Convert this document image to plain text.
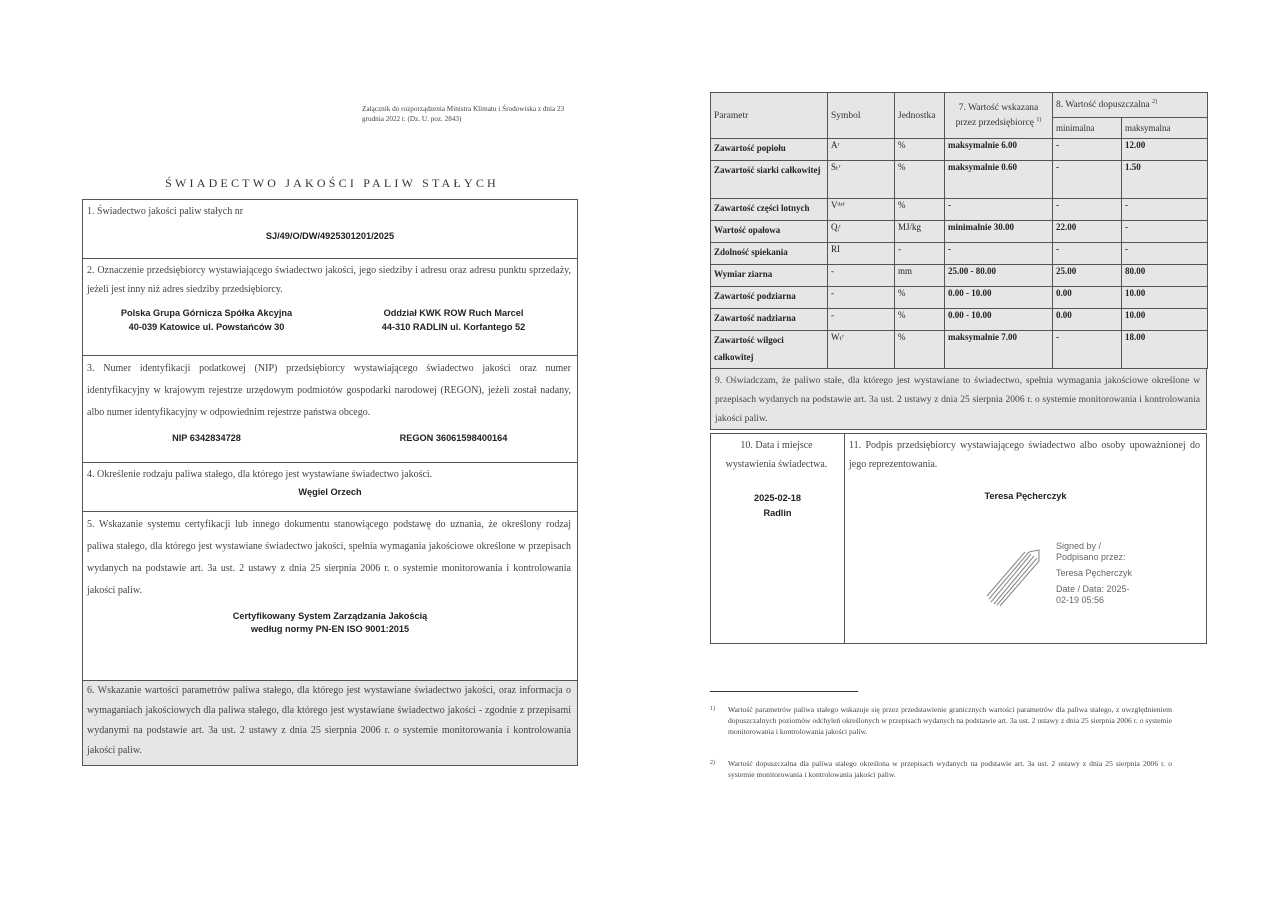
Załącznik do rozporządzenia Ministra Klimatu i Środowiska z dnia 23 grudnia 2022 r. (Dz. U. poz. 2843)
ŚWIADECTWO JAKOŚCI PALIW STAŁYCH
1. Świadectwo jakości paliw stałych nr
SJ/49/O/DW/4925301201/2025
2. Oznaczenie przedsiębiorcy wystawiającego świadectwo jakości, jego siedziby i adresu oraz adresu punktu sprzedaży, jeżeli jest inny niż adres siedziby przedsiębiorcy.
Polska Grupa Górnicza Spółka Akcyjna
40-039 Katowice ul. Powstańców 30
Oddział KWK ROW Ruch Marcel
44-310 RADLIN ul. Korfantego 52
3. Numer identyfikacji podatkowej (NIP) przedsiębiorcy wystawiającego świadectwo jakości oraz numer identyfikacyjny w krajowym rejestrze urzędowym podmiotów gospodarki narodowej (REGON), jeżeli został nadany, albo numer identyfikacyjny w odpowiednim rejestrze państwa obcego.
NIP 6342834728	REGON 36061598400164
4. Określenie rodzaju paliwa stałego, dla którego jest wystawiane świadectwo jakości.
Węgiel Orzech
5. Wskazanie systemu certyfikacji lub innego dokumentu stanowiącego podstawę do uznania, że określony rodzaj paliwa stałego, dla którego jest wystawiane świadectwo jakości, spełnia wymagania jakościowe określone w przepisach wydanych na podstawie art. 3a ust. 2 ustawy z dnia 25 sierpnia 2006 r. o systemie monitorowania i kontrolowania jakości paliw.
Certyfikowany System Zarządzania Jakością
według normy PN-EN ISO 9001:2015
6. Wskazanie wartości parametrów paliwa stałego, dla którego jest wystawiane świadectwo jakości, oraz informacja o wymaganiach jakościowych dla paliwa stałego, dla którego jest wystawiane świadectwo jakości - zgodnie z przepisami wydanymi na podstawie art. 3a ust. 2 ustawy z dnia 25 sierpnia 2006 r. o systemie monitorowania i kontrolowania jakości paliw.
Parametr	Symbol	Jednostka	7. Wartość wskazana przez przedsiębiorcę $^{1)}$	8. Wartość dopuszczalna $^{2)}$
				minimalna	maksymalna
Zawartość popiołu	Aʳ	%	maksymalnie 6.00	-	12.00
Zawartość siarki całkowitej	Sₜʳ	%	maksymalnie 0.60	-	1.50
Zawartość części lotnych	Vᵈᵃᶠ	%	-	-	-
Wartość opałowa	Qᵢʳ	MJ/kg	minimalnie 30.00	22.00	-
Zdolność spiekania	RI	-	-	-	-
Wymiar ziarna	-	mm	25.00 - 80.00	25.00	80.00
Zawartość podziarna	-	%	0.00 - 10.00	0.00	10.00
Zawartość nadziarna	-	%	0.00 - 10.00	0.00	10.00
Zawartość wilgoci całkowitej	Wₜʳ	%	maksymalnie 7.00	-	18.00
9. Oświadczam, że paliwo stałe, dla którego jest wystawiane to świadectwo, spełnia wymagania jakościowe określone w przepisach wydanych na podstawie art. 3a ust. 2 ustawy z dnia 25 sierpnia 2006 r. o systemie monitorowania i kontrolowania jakości paliw.
10. Data i miejsce wystawienia świadectwa.
2025-02-18
Radlin
11. Podpis przedsiębiorcy wystawiającego świadectwo albo osoby upoważnionej do jego reprezentowania.
Teresa Pęcherczyk
Signed by /
Podpisano przez:
Teresa Pęcherczyk
Date / Data: 2025-
02-19 05:56
1)	Wartość parametrów paliwa stałego wskazuje się przez przedstawienie granicznych wartości parametrów dla paliwa stałego, z uwzględnieniem dopuszczalnych poziomów odchyleń określonych w przepisach wydanych na podstawie art. 3a ust. 2 ustawy z dnia 25 sierpnia 2006 r. o systemie monitorowania i kontrolowania jakości paliw.
2)	Wartość dopuszczalna dla paliwa stałego określona w przepisach wydanych na podstawie art. 3a ust. 2 ustawy z dnia 25 sierpnia 2006 r. o systemie monitorowania i kontrolowania jakości paliw.
